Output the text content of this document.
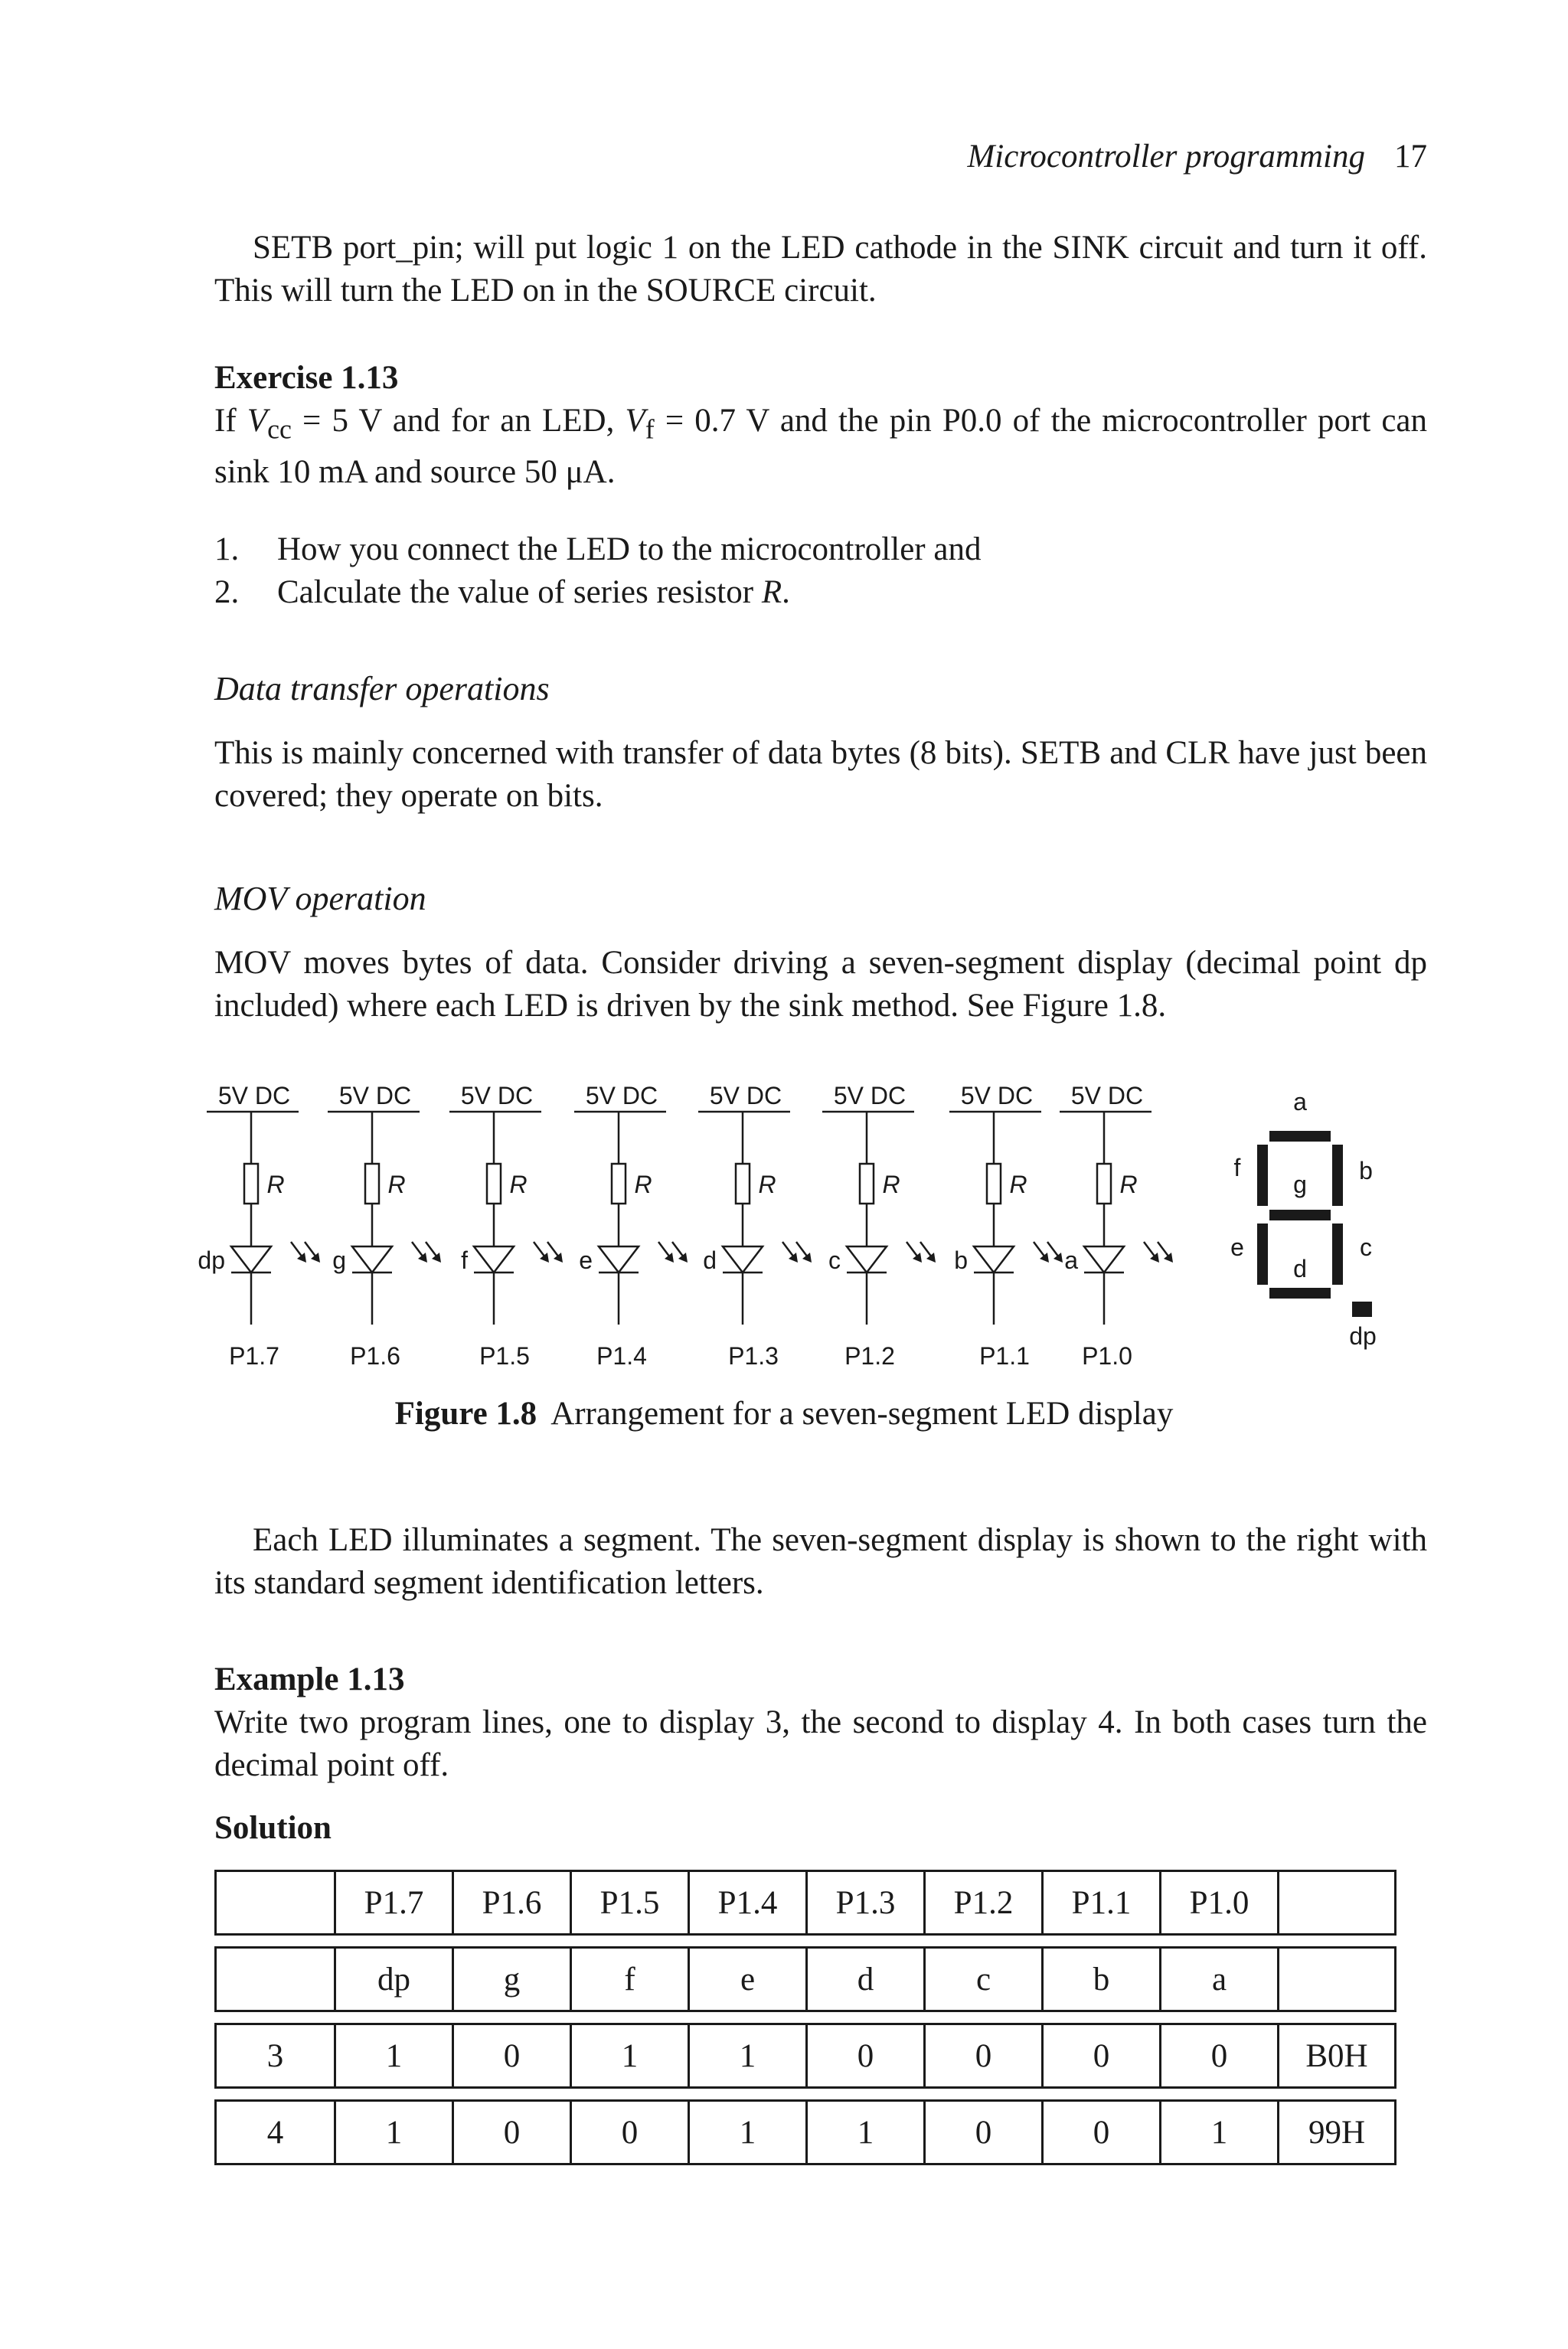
Microcontroller programming 17
SETB port_pin; will put logic 1 on the LED cathode in the SINK circuit and turn it off. This will turn the LED on in the SOURCE circuit.
Exercise 1.13
If $V_{cc} = 5$ V and for an LED, $V_f = 0.7$ V and the pin P0.0 of the microcontroller port can sink 10 mA and source 50 μA.
1. How you connect the LED to the microcontroller and
2. Calculate the value of series resistor R.
Data transfer operations
This is mainly concerned with transfer of data bytes (8 bits). SETB and CLR have just been covered; they operate on bits.
MOV operation
MOV moves bytes of data. Consider driving a seven-segment display (decimal point dp included) where each LED is driven by the sink method. See Figure 1.8.
5V DC
R
dp
P1.7
5V DC
R
g
P1.6
5V DC
R
f
P1.5
5V DC
R
e
P1.4
5V DC
R
d
P1.3
5V DC
R
c
P1.2
5V DC
R
b
P1.1
5V DC
R
a
P1.0
a
b
c
d
e
f
g
dp
Figure 1.8 Arrangement for a seven-segment LED display
Each LED illuminates a segment. The seven-segment display is shown to the right with its standard segment identification letters.
Example 1.13
Write two program lines, one to display 3, the second to display 4. In both cases turn the decimal point off.
Solution
	P1.7	P1.6	P1.5	P1.4	P1.3	P1.2	P1.1	P1.0	
	dp	g	f	e	d	c	b	a	
3	1	0	1	1	0	0	0	0	B0H
4	1	0	0	1	1	0	0	1	99H
